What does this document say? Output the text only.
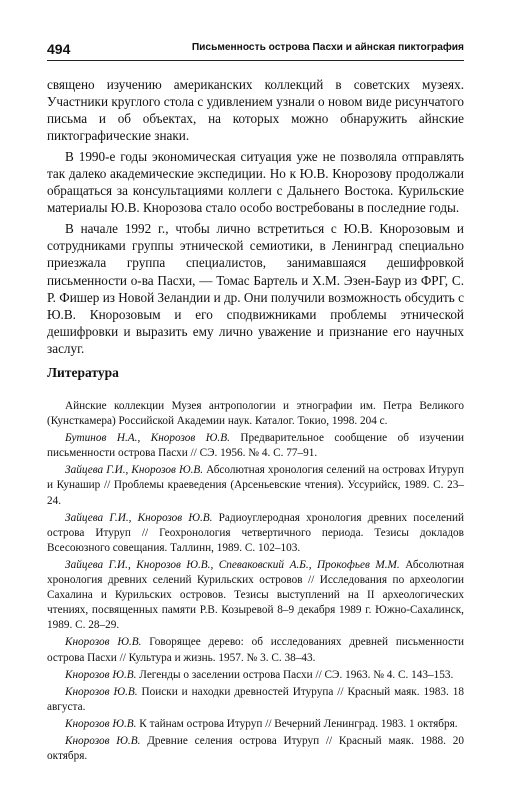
494	Письменность острова Пасхи и айнская пиктография

священо изучению американских коллекций в советских музеях. Участники круглого стола с удивлением узнали о новом виде рисунчатого письма и об объектах, на которых можно обнаружить айнские пиктографические знаки.

В 1990-е годы экономическая ситуация уже не позволяла отправлять так далеко академические экспедиции. Но к Ю.В. Кнорозову продолжали обращаться за консультациями коллеги с Дальнего Востока. Курильские материалы Ю.В. Кнорозова стало особо востребованы в последние годы.

В начале 1992 г., чтобы лично встретиться с Ю.В. Кнорозовым и сотрудниками группы этнической семиотики, в Ленинград специально приезжала группа специалистов, занимавшаяся дешифровкой письменности о-ва Пасхи, — Томас Бартель и Х.М. Эзен-Баур из ФРГ, С. Р. Фишер из Новой Зеландии и др. Они получили возможность обсудить с Ю.В. Кнорозовым и его сподвижниками проблемы этнической дешифровки и выразить ему лично уважение и признание его научных заслуг.

Литература
Айнские коллекции Музея антропологии и этнографии им. Петра Великого (Кунсткамера) Российской Академии наук. Каталог. Токио, 1998. 204 с.
Бутинов Н.А., Кнорозов Ю.В. Предварительное сообщение об изучении письменности острова Пасхи // СЭ. 1956. № 4. С. 77–91.
Зайцева Г.И., Кнорозов Ю.В. Абсолютная хронология селений на островах Итуруп и Кунашир // Проблемы краеведения (Арсеньевские чтения). Уссурийск, 1989. С. 23–24.
Зайцева Г.И., Кнорозов Ю.В. Радиоуглеродная хронология древних поселений острова Итуруп // Геохронология четвертичного периода. Тезисы докладов Всесоюзного совещания. Таллинн, 1989. С. 102–103.
Зайцева Г.И., Кнорозов Ю.В., Спеваковский А.Б., Прокофьев М.М. Абсолютная хронология древних селений Курильских островов // Исследования по археологии Сахалина и Курильских островов. Тезисы выступлений на II археологических чтениях, посвященных памяти Р.В. Козыревой 8–9 декабря 1989 г. Южно-Сахалинск, 1989. С. 28–29.
Кнорозов Ю.В. Говорящее дерево: об исследованиях древней письменности острова Пасхи // Культура и жизнь. 1957. № 3. С. 38–43.
Кнорозов Ю.В. Легенды о заселении острова Пасхи // СЭ. 1963. № 4. С. 143–153.
Кнорозов Ю.В. Поиски и находки древностей Итурупа // Красный маяк. 1983. 18 августа.
Кнорозов Ю.В. К тайнам острова Итуруп // Вечерний Ленинград. 1983. 1 октября.
Кнорозов Ю.В. Древние селения острова Итуруп // Красный маяк. 1988. 20 октября.
